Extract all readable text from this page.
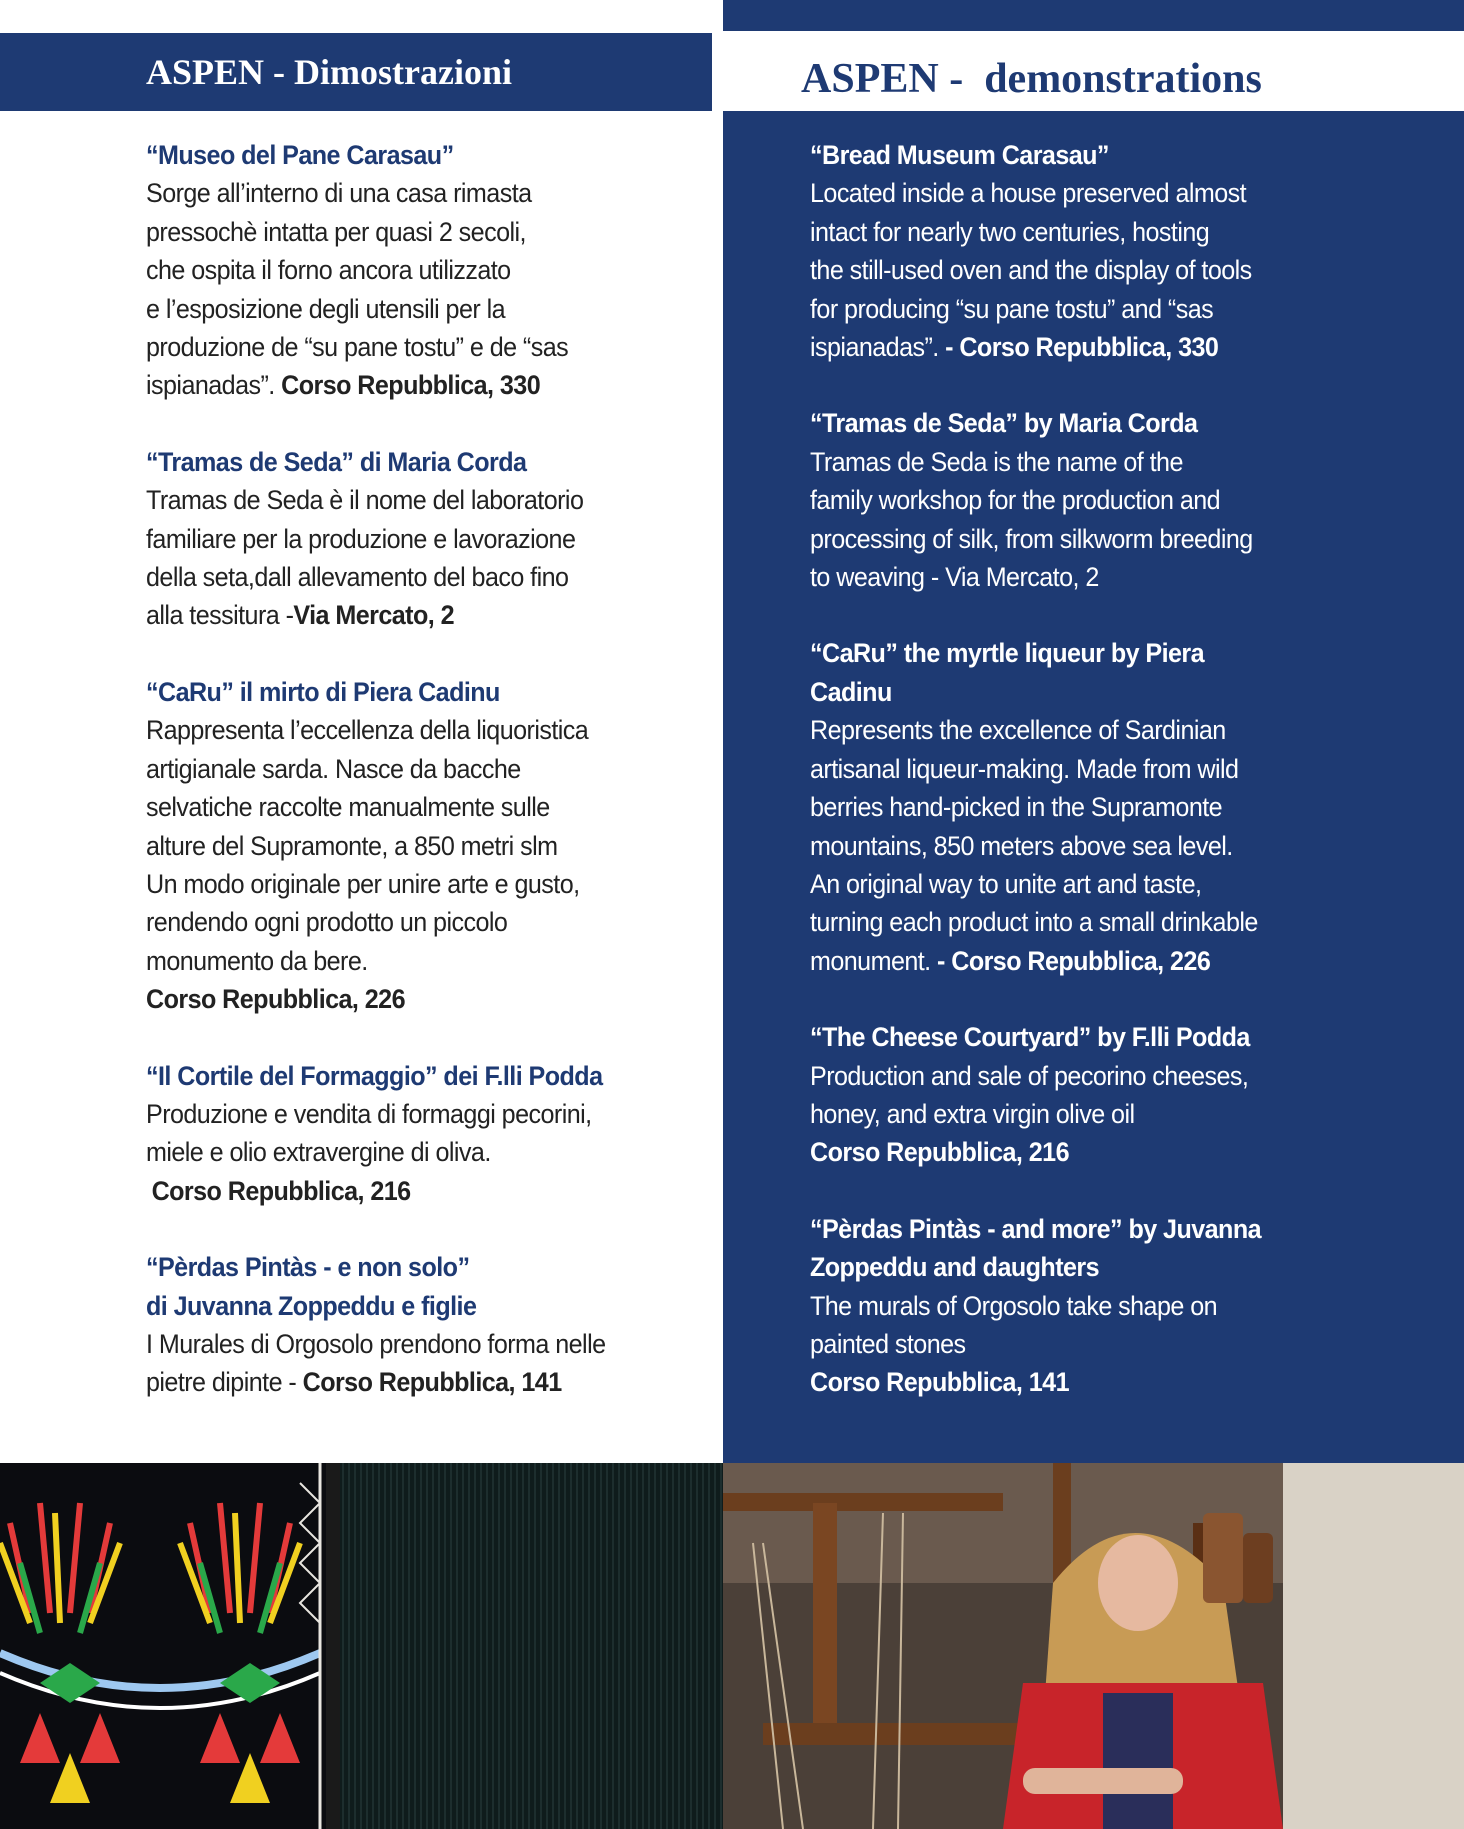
ASPEN - Dimostrazioni	ASPEN - demonstrations
“Museo del Pane Carasau”
Sorge all’interno di una casa rimasta
pressochè intatta per quasi 2 secoli,
che ospita il forno ancora utilizzato
e l’esposizione degli utensili per la
produzione de “su pane tostu” e de “sas
ispianadas”. Corso Repubblica, 330
“Tramas de Seda” di Maria Corda
Tramas de Seda è il nome del laboratorio
familiare per la produzione e lavorazione
della seta,dall allevamento del baco fino
alla tessitura -Via Mercato, 2
“CaRu” il mirto di Piera Cadinu
Rappresenta l’eccellenza della liquoristica
artigianale sarda. Nasce da bacche
selvatiche raccolte manualmente sulle
alture del Supramonte, a 850 metri slm
Un modo originale per unire arte e gusto,
rendendo ogni prodotto un piccolo
monumento da bere.
Corso Repubblica, 226
“Il Cortile del Formaggio” dei F.lli Podda
Produzione e vendita di formaggi pecorini,
miele e olio extravergine di oliva.
Corso Repubblica, 216
“Pèrdas Pintàs - e non solo”
di Juvanna Zoppeddu e figlie
I Murales di Orgosolo prendono forma nelle
pietre dipinte - Corso Repubblica, 141
“Bread Museum Carasau”
Located inside a house preserved almost
intact for nearly two centuries, hosting
the still-used oven and the display of tools
for producing “su pane tostu” and “sas
ispianadas”. - Corso Repubblica, 330
“Tramas de Seda” by Maria Corda
Tramas de Seda is the name of the
family workshop for the production and
processing of silk, from silkworm breeding
to weaving - Via Mercato, 2
“CaRu” the myrtle liqueur by Piera
Cadinu
Represents the excellence of Sardinian
artisanal liqueur-making. Made from wild
berries hand-picked in the Supramonte
mountains, 850 meters above sea level.
An original way to unite art and taste,
turning each product into a small drinkable
monument. - Corso Repubblica, 226
“The Cheese Courtyard” by F.lli Podda
Production and sale of pecorino cheeses,
honey, and extra virgin olive oil
Corso Repubblica, 216
“Pèrdas Pintàs - and more” by Juvanna
Zoppeddu and daughters
The murals of Orgosolo take shape on
painted stones
Corso Repubblica, 141
